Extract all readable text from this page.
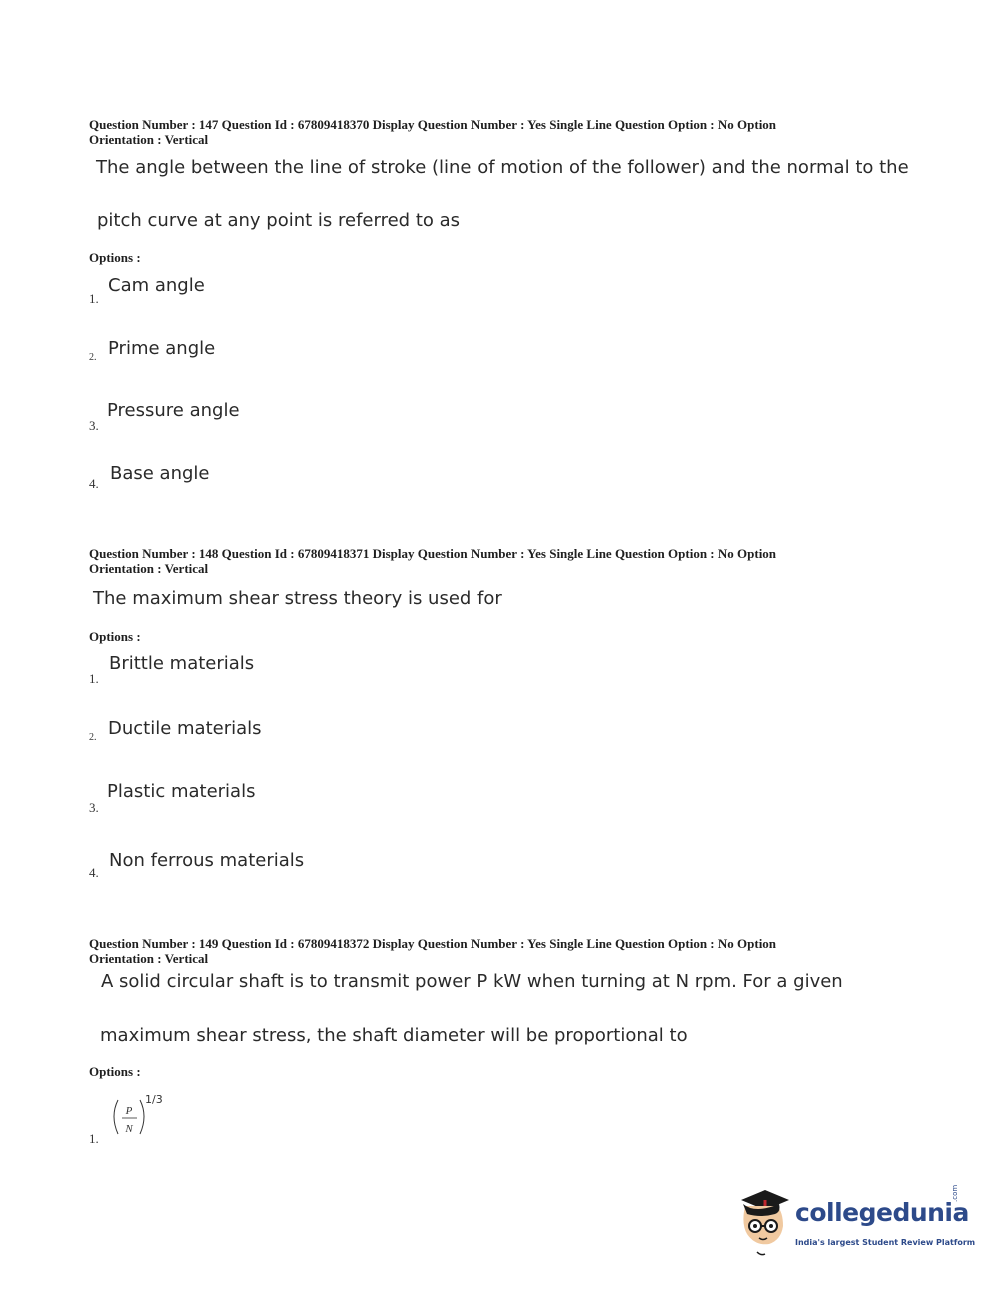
Question Number : 147 Question Id : 67809418370 Display Question Number : Yes Single Line Question Option : No Option
Orientation : Vertical
The angle between the line of stroke (line of motion of the follower) and the normal to the
pitch curve at any point is referred to as
Options :
1.
Cam angle
2. Prime angle
3.
Pressure angle
4. Base angle
Question Number : 148 Question Id : 67809418371 Display Question Number : Yes Single Line Question Option : No Option
Orientation : Vertical
The maximum shear stress theory is used for
Options :
1.
Brittle materials
2. Ductile materials
3.
Plastic materials
4.
Non ferrous materials
Question Number : 149 Question Id : 67809418372 Display Question Number : Yes Single Line Question Option : No Option
Orientation : Vertical
A solid circular shaft is to transmit power P kW when turning at N rpm. For a given
maximum shear stress, the shaft diameter will be proportional to
Options :
1.
P
N
1/3
collegedunia
.com
India's largest Student Review Platform
